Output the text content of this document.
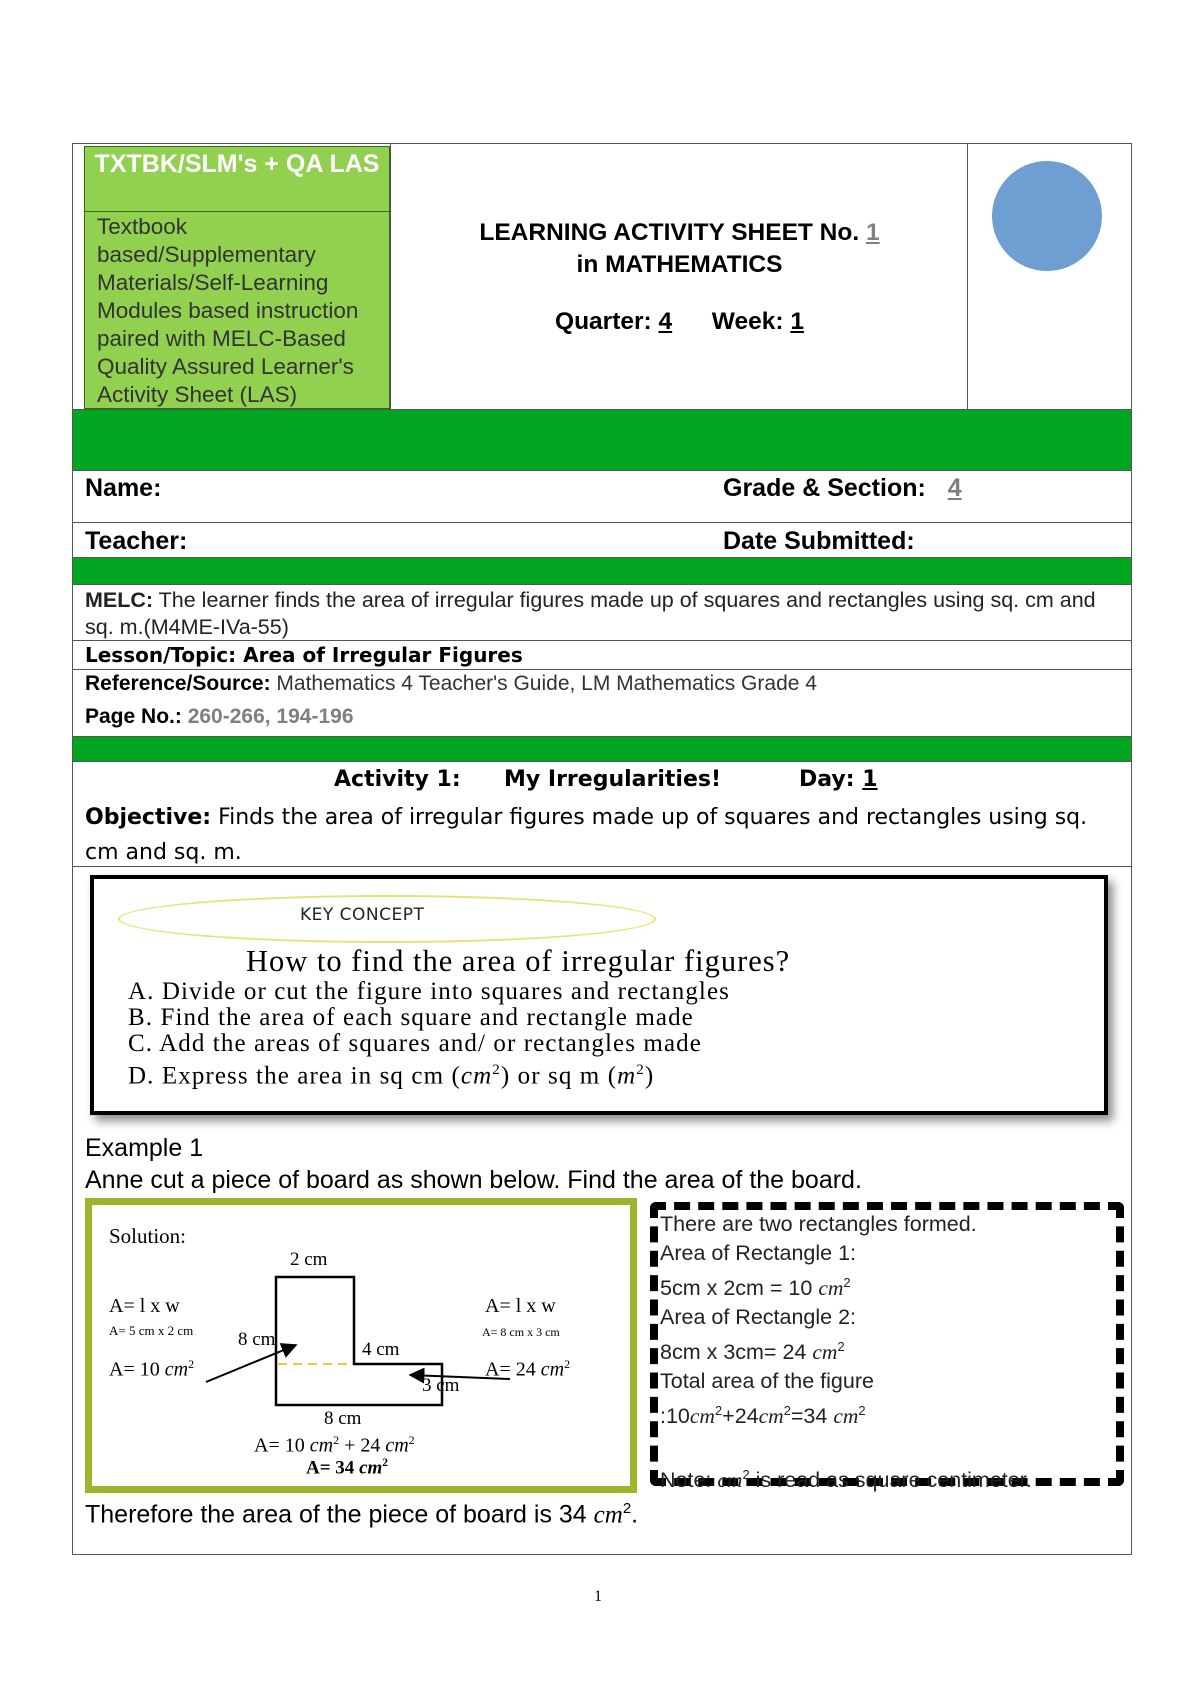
TXTBK/SLM's + QA LAS
Textbook based/Supplementary Materials/Self-Learning Modules based instruction paired with MELC-Based Quality Assured Learner's Activity Sheet (LAS)
LEARNING ACTIVITY SHEET No. 1
in MATHEMATICS
Quarter: 4 Week: 1
Name:	Grade & Section: 4
Teacher:	Date Submitted:
MELC: The learner finds the area of irregular figures made up of squares and rectangles using sq. cm and sq. m.(M4ME-IVa-55)
Lesson/Topic: Area of Irregular Figures
Reference/Source: Mathematics 4 Teacher's Guide, LM Mathematics Grade 4
Page No.: 260-266, 194-196
Activity 1: My Irregularities!	Day: 1
Objective: Finds the area of irregular figures made up of squares and rectangles using sq. cm and sq. m.
KEY CONCEPT
How to find the area of irregular figures?
A. Divide or cut the figure into squares and rectangles
B. Find the area of each square and rectangle made
C. Add the areas of squares and/ or rectangles made
D. Express the area in sq cm $(cm^2)$ or sq m $(m^2)$
Example 1
Anne cut a piece of board as shown below. Find the area of the board.
Solution:
2 cm
8 cm	4 cm
3 cm
8 cm
A= l x w
A= 5 cm x 2 cm
A= 10 $cm^2$
A= l x w
A= 8 cm x 3 cm
A= 24 $cm^2$
A= 10 $cm^2 + 24$ $cm^2$
A= 34 $cm^2$
There are two rectangles formed.
Area of Rectangle 1:
5cm x 2cm = 10 $cm^2$
Area of Rectangle 2:
8cm x 3cm= 24 $cm^2$
Total area of the figure
$:10cm^2+24cm^2=34$ $cm^2$
Note: $cm^2$ is read as square centimeter.
Therefore the area of the piece of board is 34 $cm^2$.
1
